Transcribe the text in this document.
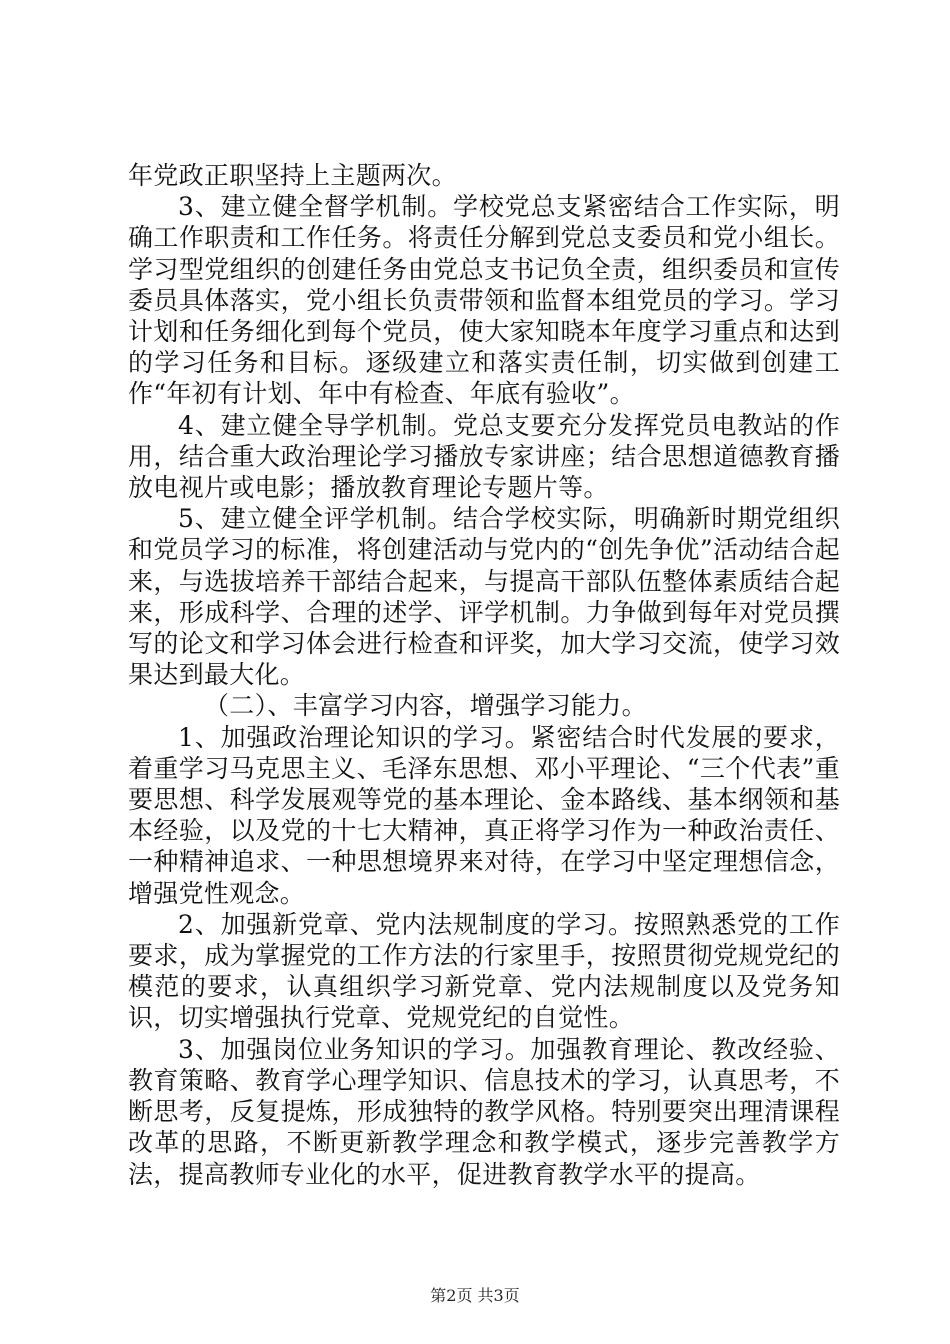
年党政正职坚持上主题两次。

3、建立健全督学机制。学校党总支紧密结合工作实际，明确工作职责和工作任务。将责任分解到党总支委员和党小组长。学习型党组织的创建任务由党总支书记负全责，组织委员和宣传委员具体落实，党小组长负责带领和监督本组党员的学习。学习计划和任务细化到每个党员，使大家知晓本年度学习重点和达到的学习任务和目标。逐级建立和落实责任制，切实做到创建工作“年初有计划、年中有检查、年底有验收”。

4、建立健全导学机制。党总支要充分发挥党员电教站的作用，结合重大政治理论学习播放专家讲座；结合思想道德教育播放电视片或电影；播放教育理论专题片等。

5、建立健全评学机制。结合学校实际，明确新时期党组织和党员学习的标准，将创建活动与党内的“创先争优”活动结合起来，与选拔培养干部结合起来，与提高干部队伍整体素质结合起来，形成科学、合理的述学、评学机制。力争做到每年对党员撰写的论文和学习体会进行检查和评奖，加大学习交流，使学习效果达到最大化。

（二）、丰富学习内容，增强学习能力。

1、加强政治理论知识的学习。紧密结合时代发展的要求，着重学习马克思主义、毛泽东思想、邓小平理论、“三个代表”重要思想、科学发展观等党的基本理论、金本路线、基本纲领和基本经验，以及党的十七大精神，真正将学习作为一种政治责任、一种精神追求、一种思想境界来对待，在学习中坚定理想信念，增强党性观念。

2、加强新党章、党内法规制度的学习。按照熟悉党的工作要求，成为掌握党的工作方法的行家里手，按照贯彻党规党纪的模范的要求，认真组织学习新党章、党内法规制度以及党务知识，切实增强执行党章、党规党纪的自觉性。

3、加强岗位业务知识的学习。加强教育理论、教改经验、教育策略、教育学心理学知识、信息技术的学习，认真思考，不断思考，反复提炼，形成独特的教学风格。特别要突出理清课程改革的思路，不断更新教学理念和教学模式，逐步完善教学方法，提高教师专业化的水平，促进教育教学水平的提高。

第2页 共3页
